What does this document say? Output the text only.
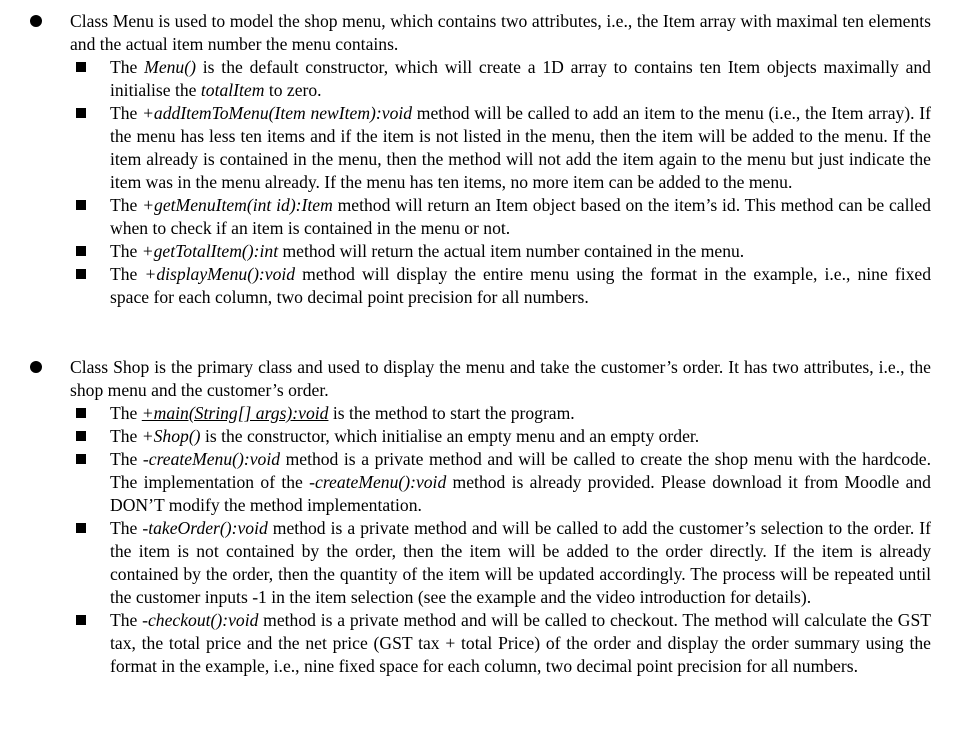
Class Menu is used to model the shop menu, which contains two attributes, i.e., the Item array with maximal ten elements and the actual item number the menu contains.
The Menu() is the default constructor, which will create a 1D array to contains ten Item objects maximally and initialise the totalItem to zero.
The +addItemToMenu(Item newItem):void method will be called to add an item to the menu (i.e., the Item array). If the menu has less ten items and if the item is not listed in the menu, then the item will be added to the menu. If the item already is contained in the menu, then the method will not add the item again to the menu but just indicate the item was in the menu already. If the menu has ten items, no more item can be added to the menu.
The +getMenuItem(int id):Item method will return an Item object based on the item’s id. This method can be called when to check if an item is contained in the menu or not.
The +getTotalItem():int method will return the actual item number contained in the menu.
The +displayMenu():void method will display the entire menu using the format in the example, i.e., nine fixed space for each column, two decimal point precision for all numbers.
Class Shop is the primary class and used to display the menu and take the customer’s order. It has two attributes, i.e., the shop menu and the customer’s order.
The +main(String[] args):void is the method to start the program.
The +Shop() is the constructor, which initialise an empty menu and an empty order.
The -createMenu():void method is a private method and will be called to create the shop menu with the hardcode. The implementation of the -createMenu():void method is already provided. Please download it from Moodle and DON’T modify the method implementation.
The -takeOrder():void method is a private method and will be called to add the customer’s selection to the order. If the item is not contained by the order, then the item will be added to the order directly. If the item is already contained by the order, then the quantity of the item will be updated accordingly. The process will be repeated until the customer inputs -1 in the item selection (see the example and the video introduction for details).
The -checkout():void method is a private method and will be called to checkout. The method will calculate the GST tax, the total price and the net price (GST tax + total Price) of the order and display the order summary using the format in the example, i.e., nine fixed space for each column, two decimal point precision for all numbers.
